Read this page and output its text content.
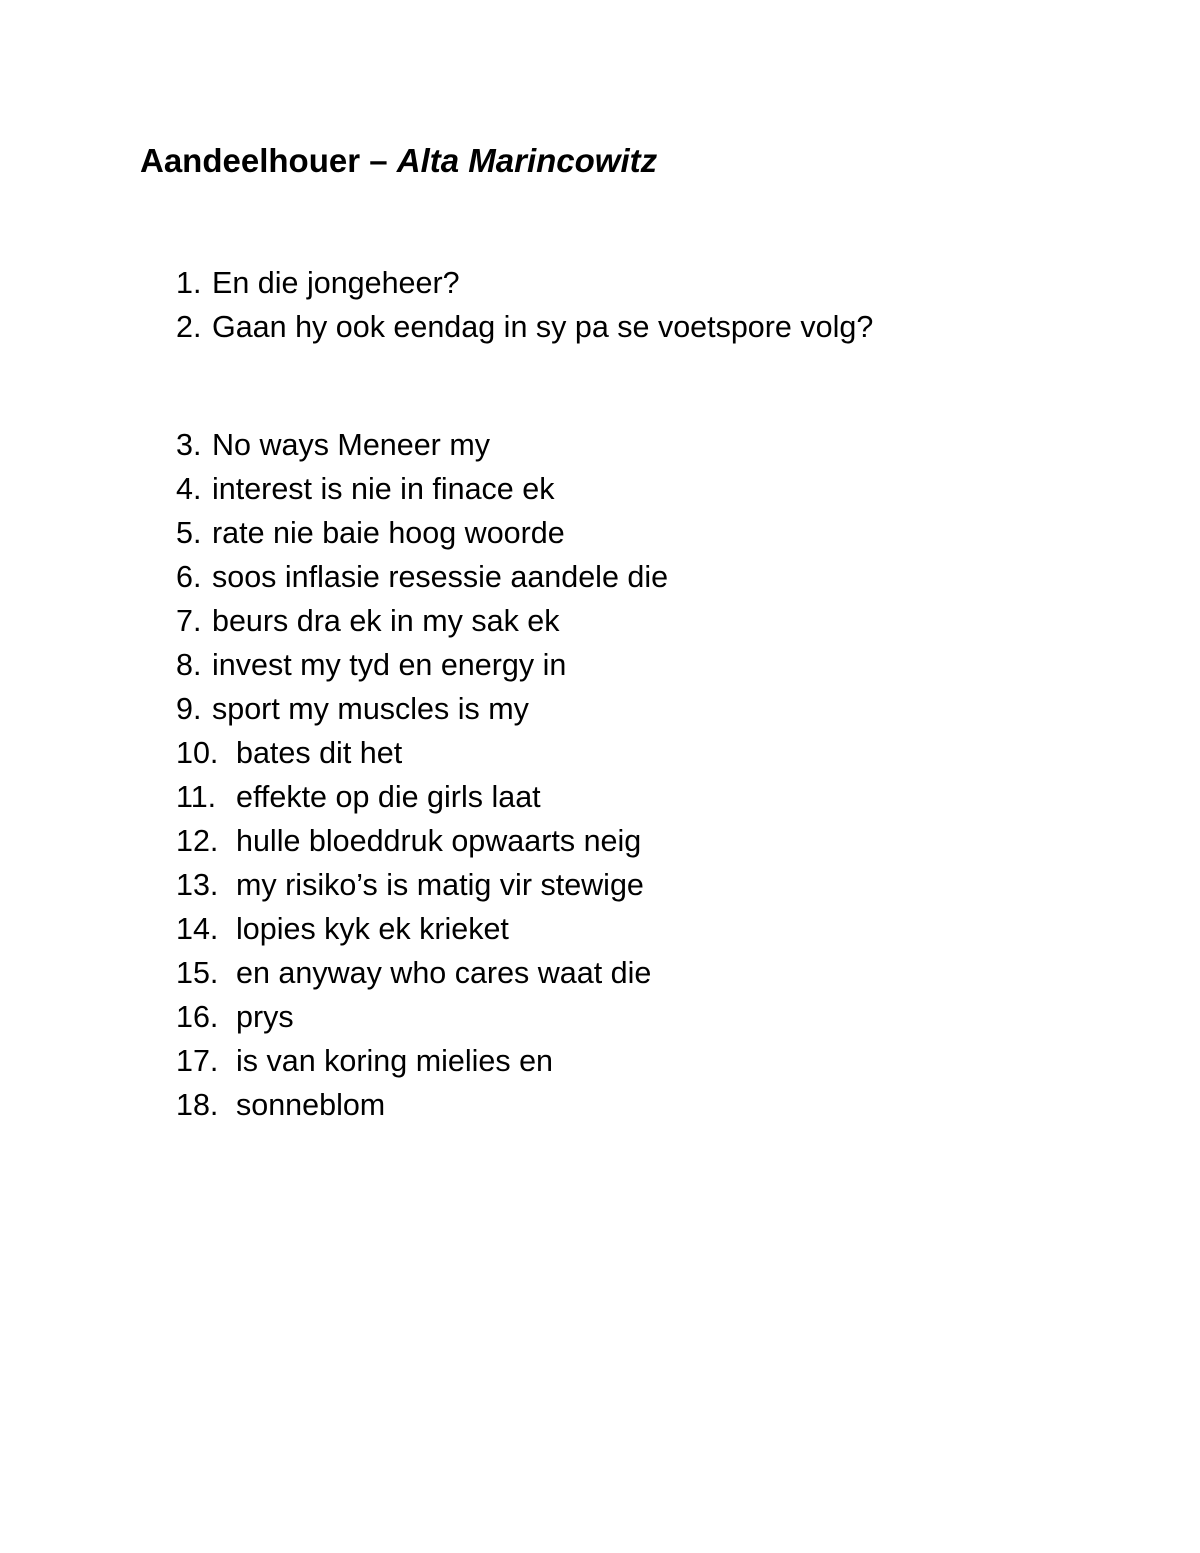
Aandeelhouer – Alta Marincowitz
1. En die jongeheer?
2. Gaan hy ook eendag in sy pa se voetspore volg?
3. No ways Meneer my
4. interest is nie in finace ek
5. rate nie baie hoog woorde
6. soos inflasie resessie aandele die
7. beurs dra ek in my sak ek
8. invest my tyd en energy in
9. sport my muscles is my
10. bates dit het
11. effekte op die girls laat
12. hulle bloeddruk opwaarts neig
13. my risiko’s is matig vir stewige
14. lopies kyk ek krieket
15. en anyway who cares waat die
16. prys
17. is van koring mielies en
18. sonneblom
